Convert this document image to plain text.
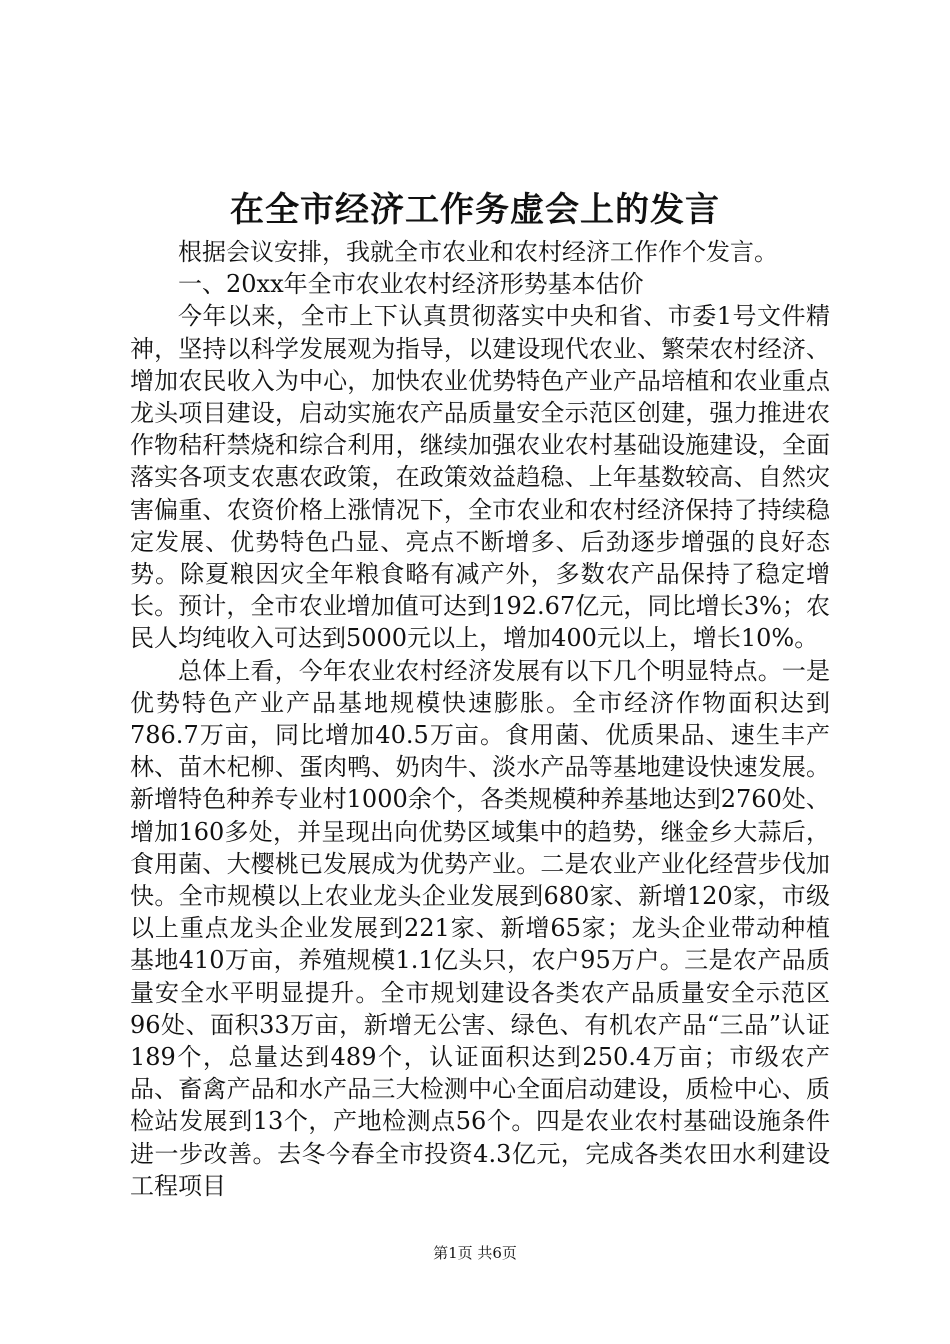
在全市经济工作务虚会上的发言

根据会议安排，我就全市农业和农村经济工作作个发言。

一、20xx年全市农业农村经济形势基本估价

今年以来，全市上下认真贯彻落实中央和省、市委1号文件精神，坚持以科学发展观为指导，以建设现代农业、繁荣农村经济、增加农民收入为中心，加快农业优势特色产业产品培植和农业重点龙头项目建设，启动实施农产品质量安全示范区创建，强力推进农作物秸秆禁烧和综合利用，继续加强农业农村基础设施建设，全面落实各项支农惠农政策，在政策效益趋稳、上年基数较高、自然灾害偏重、农资价格上涨情况下，全市农业和农村经济保持了持续稳定发展、优势特色凸显、亮点不断增多、后劲逐步增强的良好态势。除夏粮因灾全年粮食略有减产外，多数农产品保持了稳定增长。预计，全市农业增加值可达到192.67亿元，同比增长3%；农民人均纯收入可达到5000元以上，增加400元以上，增长10%。

总体上看，今年农业农村经济发展有以下几个明显特点。一是优势特色产业产品基地规模快速膨胀。全市经济作物面积达到786.7万亩，同比增加40.5万亩。食用菌、优质果品、速生丰产林、苗木杞柳、蛋肉鸭、奶肉牛、淡水产品等基地建设快速发展。新增特色种养专业村1000余个，各类规模种养基地达到2760处、增加160多处，并呈现出向优势区域集中的趋势，继金乡大蒜后，食用菌、大樱桃已发展成为优势产业。二是农业产业化经营步伐加快。全市规模以上农业龙头企业发展到680家、新增120家，市级以上重点龙头企业发展到221家、新增65家；龙头企业带动种植基地410万亩，养殖规模1.1亿头只，农户95万户。三是农产品质量安全水平明显提升。全市规划建设各类农产品质量安全示范区96处、面积33万亩，新增无公害、绿色、有机农产品“三品”认证189个，总量达到489个，认证面积达到250.4万亩；市级农产品、畜禽产品和水产品三大检测中心全面启动建设，质检中心、质检站发展到13个，产地检测点56个。四是农业农村基础设施条件进一步改善。去冬今春全市投资4.3亿元，完成各类农田水利建设工程项目

第1页 共6页
